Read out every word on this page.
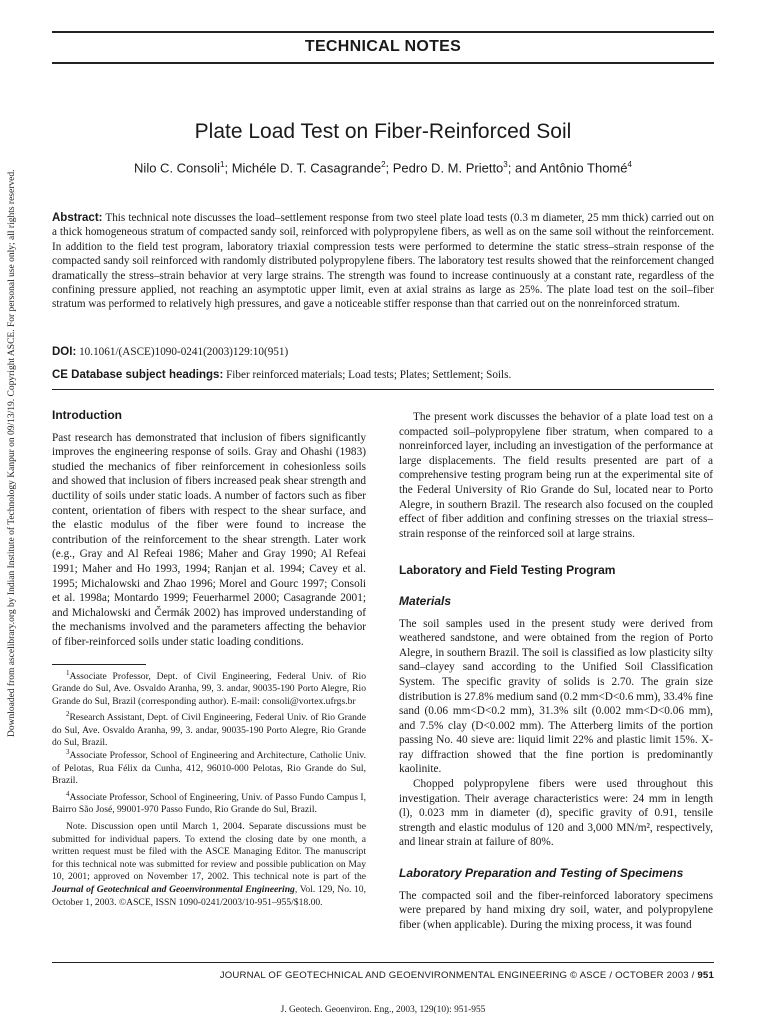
Downloaded from ascelibrary.org by Indian Institute of Technology Kanpur on 09/13/19. Copyright ASCE. For personal use only; all rights reserved.
TECHNICAL NOTES
Plate Load Test on Fiber-Reinforced Soil
Nilo C. Consoli$^1$; Michéle D. T. Casagrande$^2$; Pedro D. M. Prietto$^3$; and Antônio Thomé$^4$
Abstract: This technical note discusses the load–settlement response from two steel plate load tests (0.3 m diameter, 25 mm thick) carried out on a thick homogeneous stratum of compacted sandy soil, reinforced with polypropylene fibers, as well as on the same soil without the reinforcement. In addition to the field test program, laboratory triaxial compression tests were performed to determine the static stress–strain response of the compacted sandy soil reinforced with randomly distributed polypropylene fibers. The laboratory test results showed that the reinforcement changed dramatically the stress–strain behavior at very large strains. The strength was found to increase continuously at a constant rate, regardless of the confining pressure applied, not reaching an asymptotic upper limit, even at axial strains as large as 25%. The plate load test on the soil–fiber stratum was performed to relatively high pressures, and gave a noticeable stiffer response than that carried out on the nonreinforced stratum.
DOI: 10.1061/(ASCE)1090-0241(2003)129:10(951)
CE Database subject headings: Fiber reinforced materials; Load tests; Plates; Settlement; Soils.
Introduction

Past research has demonstrated that inclusion of fibers significantly improves the engineering response of soils. Gray and Ohashi (1983) studied the mechanics of fiber reinforcement in cohesionless soils and showed that inclusion of fibers increased peak shear strength and ductility of soils under static loads. A number of factors such as fiber content, orientation of fibers with respect to the shear surface, and the elastic modulus of the fiber were found to increase the contribution of the reinforcement to the shear strength. Later work (e.g., Gray and Al Refeai 1986; Maher and Gray 1990; Al Refeai 1991; Maher and Ho 1993, 1994; Ranjan et al. 1994; Cavey et al. 1995; Michalowski and Zhao 1996; Morel and Gourc 1997; Consoli et al. 1998a; Montardo 1999; Feuerharmel 2000; Casagrande 2001; and Michalowski and Čermák 2002) has improved understanding of the mechanisms involved and the parameters affecting the behavior of fiber-reinforced soils under static loading conditions.

$^1$Associate Professor, Dept. of Civil Engineering, Federal Univ. of Rio Grande do Sul, Ave. Osvaldo Aranha, 99, 3. andar, 90035-190 Porto Alegre, Rio Grande do Sul, Brazil (corresponding author). E-mail: consoli@vortex.ufrgs.br

$^2$Research Assistant, Dept. of Civil Engineering, Federal Univ. of Rio Grande do Sul, Ave. Osvaldo Aranha, 99, 3. andar, 90035-190 Porto Alegre, Rio Grande do Sul, Brazil.

$^3$Associate Professor, School of Engineering and Architecture, Catholic Univ. of Pelotas, Rua Félix da Cunha, 412, 96010-000 Pelotas, Rio Grande do Sul, Brazil.

$^4$Associate Professor, School of Engineering, Univ. of Passo Fundo Campus I, Bairro São José, 99001-970 Passo Fundo, Rio Grande do Sul, Brazil.

Note. Discussion open until March 1, 2004. Separate discussions must be submitted for individual papers. To extend the closing date by one month, a written request must be filed with the ASCE Managing Editor. The manuscript for this technical note was submitted for review and possible publication on May 10, 2001; approved on November 17, 2002. This technical note is part of the Journal of Geotechnical and Geoenvironmental Engineering, Vol. 129, No. 10, October 1, 2003. ©ASCE, ISSN 1090-0241/2003/10-951–955/$18.00.

The present work discusses the behavior of a plate load test on a compacted soil–polypropylene fiber stratum, when compared to a nonreinforced layer, including an investigation of the performance at large displacements. The field results presented are part of a comprehensive testing program being run at the experimental site of the Federal University of Rio Grande do Sul, located near to Porto Alegre, in southern Brazil. The research also focused on the coupled effect of fiber addition and confining stresses on the triaxial stress–strain response of the reinforced soil at large strains.

Laboratory and Field Testing Program
Materials

The soil samples used in the present study were derived from weathered sandstone, and were obtained from the region of Porto Alegre, in southern Brazil. The soil is classified as low plasticity silty sand–clayey sand according to the Unified Soil Classification System. The specific gravity of solids is 2.70. The grain size distribution is 27.8% medium sand (0.2 mm<D<0.6 mm), 33.4% fine sand (0.06 mm<D<0.2 mm), 31.3% silt (0.002 mm<D<0.06 mm), and 7.5% clay (D<0.002 mm). The Atterberg limits of the portion passing No. 40 sieve are: liquid limit 22% and plastic limit 15%. X-ray diffraction showed that the fine portion is predominantly kaolinite.

Chopped polypropylene fibers were used throughout this investigation. Their average characteristics were: 24 mm in length (l), 0.023 mm in diameter (d), specific gravity of 0.91, tensile strength and elastic modulus of 120 and 3,000 MN/m², respectively, and linear strain at failure of 80%.

Laboratory Preparation and Testing of Specimens

The compacted soil and the fiber-reinforced laboratory specimens were prepared by hand mixing dry soil, water, and polypropylene fiber (when applicable). During the mixing process, it was found

JOURNAL OF GEOTECHNICAL AND GEOENVIRONMENTAL ENGINEERING © ASCE / OCTOBER 2003 / 951
J. Geotech. Geoenviron. Eng., 2003, 129(10): 951-955
